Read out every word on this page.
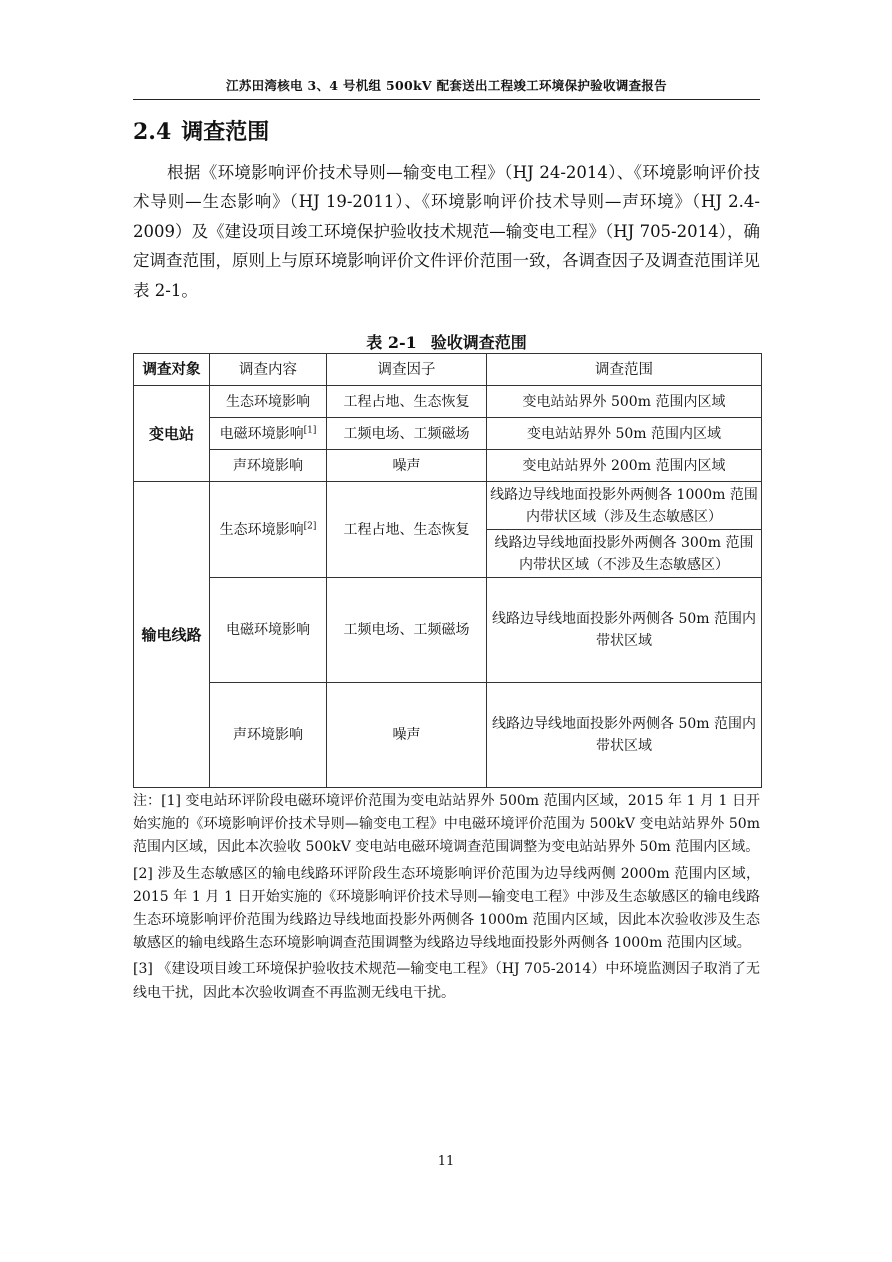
江苏田湾核电 3、4 号机组 500kV 配套送出工程竣工环境保护验收调查报告
2.4 调查范围
根据《环境影响评价技术导则—输变电工程》（HJ 24-2014）、《环境影响评价技术导则—生态影响》（HJ 19-2011）、《环境影响评价技术导则—声环境》（HJ 2.4-2009）及《建设项目竣工环境保护验收技术规范—输变电工程》（HJ 705-2014），确定调查范围，原则上与原环境影响评价文件评价范围一致，各调查因子及调查范围详见表 2-1。
表 2-1 验收调查范围
调查对象	调查内容	调查因子	调查范围
变电站	生态环境影响	工程占地、生态恢复	变电站站界外 500m 范围内区域
	电磁环境影响[1]	工频电场、工频磁场	变电站站界外 50m 范围内区域
	声环境影响	噪声	变电站站界外 200m 范围内区域
输电线路	生态环境影响[2]	工程占地、生态恢复	线路边导线地面投影外两侧各 1000m 范围内带状区域（涉及生态敏感区）
			线路边导线地面投影外两侧各 300m 范围内带状区域（不涉及生态敏感区）
	电磁环境影响	工频电场、工频磁场	线路边导线地面投影外两侧各 50m 范围内带状区域
	声环境影响	噪声	线路边导线地面投影外两侧各 50m 范围内带状区域

注：[1] 变电站环评阶段电磁环境评价范围为变电站站界外 500m 范围内区域，2015 年 1 月 1 日开始实施的《环境影响评价技术导则—输变电工程》中电磁环境评价范围为 500kV 变电站站界外 50m 范围内区域，因此本次验收 500kV 变电站电磁环境调查范围调整为变电站站界外 50m 范围内区域。

[2] 涉及生态敏感区的输电线路环评阶段生态环境影响评价范围为边导线两侧 2000m 范围内区域，2015 年 1 月 1 日开始实施的《环境影响评价技术导则—输变电工程》中涉及生态敏感区的输电线路生态环境影响评价范围为线路边导线地面投影外两侧各 1000m 范围内区域，因此本次验收涉及生态敏感区的输电线路生态环境影响调查范围调整为线路边导线地面投影外两侧各 1000m 范围内区域。

[3] 《建设项目竣工环境保护验收技术规范—输变电工程》（HJ 705-2014）中环境监测因子取消了无线电干扰，因此本次验收调查不再监测无线电干扰。

11
